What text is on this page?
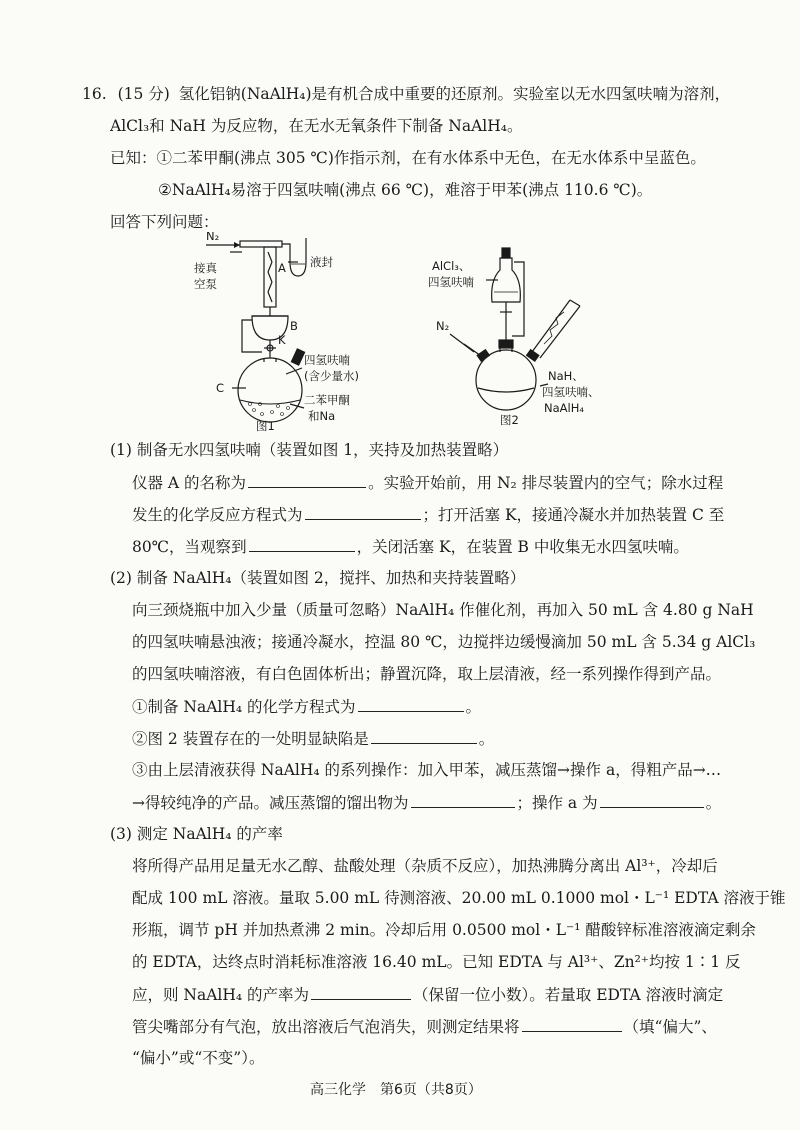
16. (15 分) 氢化铝钠(NaAlH₄)是有机合成中重要的还原剂。实验室以无水四氢呋喃为溶剂，
AlCl₃和 NaH 为反应物，在无水无氧条件下制备 NaAlH₄。
已知：①二苯甲酮(沸点 305 ℃)作指示剂，在有水体系中无色，在无水体系中呈蓝色。
②NaAlH₄易溶于四氢呋喃(沸点 66 ℃)，难溶于甲苯(沸点 110.6 ℃)。
回答下列问题：
N₂
接真
空泵
A 液封
B
K
C
四氢呋喃
(含少量水)
二苯甲酮
和Na
图1
AlCl₃、
四氢呋喃
N₂
NaH、
四氢呋喃、
NaAlH₄
图2
(1) 制备无水四氢呋喃（装置如图 1，夹持及加热装置略）
仪器 A 的名称为	。实验开始前，用 N₂ 排尽装置内的空气；除水过程
发生的化学反应方程式为	；打开活塞 K，接通冷凝水并加热装置 C 至
80℃，当观察到	，关闭活塞 K，在装置 B 中收集无水四氢呋喃。
(2) 制备 NaAlH₄（装置如图 2，搅拌、加热和夹持装置略）
向三颈烧瓶中加入少量（质量可忽略）NaAlH₄ 作催化剂，再加入 50 mL 含 4.80 g NaH
的四氢呋喃悬浊液；接通冷凝水，控温 80 ℃，边搅拌边缓慢滴加 50 mL 含 5.34 g AlCl₃
的四氢呋喃溶液，有白色固体析出；静置沉降，取上层清液，经一系列操作得到产品。
①制备 NaAlH₄ 的化学方程式为	。
②图 2 装置存在的一处明显缺陷是	。
③由上层清液获得 NaAlH₄ 的系列操作：加入甲苯，减压蒸馏→操作 a，得粗产品→…
→得较纯净的产品。减压蒸馏的馏出物为	；操作 a 为	。
(3) 测定 NaAlH₄ 的产率
将所得产品用足量无水乙醇、盐酸处理（杂质不反应），加热沸腾分离出 Al³⁺，冷却后
配成 100 mL 溶液。量取 5.00 mL 待测溶液、20.00 mL 0.1000 mol・L⁻¹ EDTA 溶液于锥
形瓶，调节 pH 并加热煮沸 2 min。冷却后用 0.0500 mol・L⁻¹ 醋酸锌标准溶液滴定剩余
的 EDTA，达终点时消耗标准溶液 16.40 mL。已知 EDTA 与 Al³⁺、Zn²⁺均按 1∶1 反
应，则 NaAlH₄ 的产率为	（保留一位小数）。若量取 EDTA 溶液时滴定
管尖嘴部分有气泡，放出溶液后气泡消失，则测定结果将	（填“偏大”、
“偏小”或“不变”）。
高三化学　第6页（共8页）
